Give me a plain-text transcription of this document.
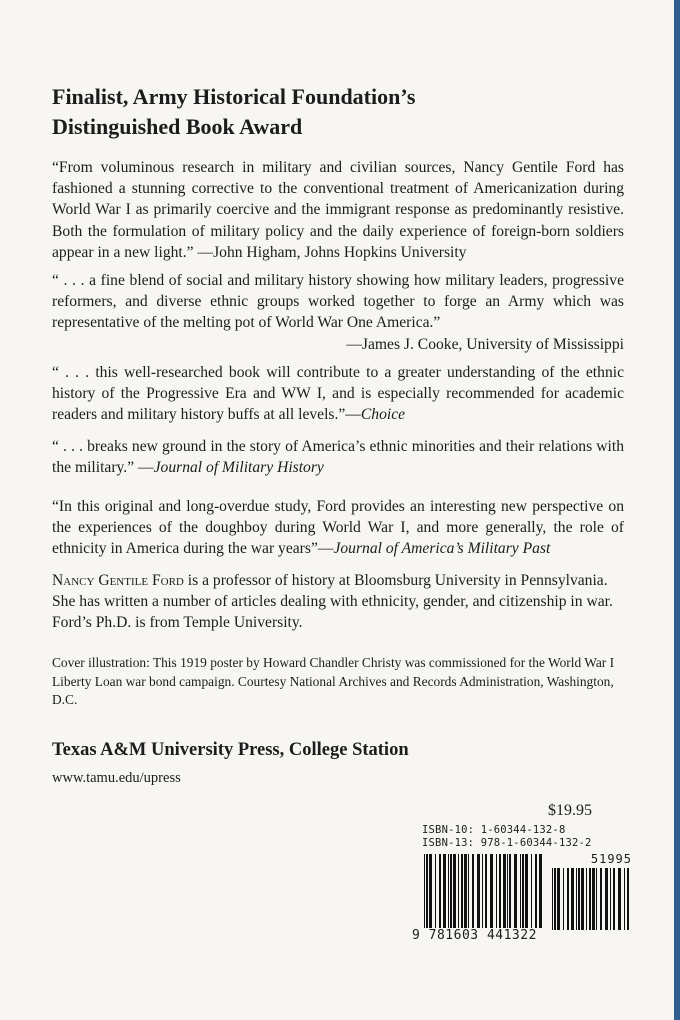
Finalist, Army Historical Foundation’s
Distinguished Book Award

“From voluminous research in military and civilian sources, Nancy Gentile Ford has fashioned a stunning corrective to the conventional treatment of Americanization during World War I as primarily coercive and the immigrant response as predominantly resistive. Both the formulation of military policy and the daily experience of foreign-born soldiers appear in a new light.” —John Higham, Johns Hopkins University

“ . . . a fine blend of social and military history showing how military leaders, progressive reformers, and diverse ethnic groups worked together to forge an Army which was representative of the melting pot of World War One America.”
—James J. Cooke, University of Mississippi

“ . . . this well-researched book will contribute to a greater understanding of the ethnic history of the Progressive Era and WW I, and is especially recommended for academic readers and military history buffs at all levels.”—Choice

“ . . . breaks new ground in the story of America’s ethnic minorities and their relations with the military.” —Journal of Military History

“In this original and long-overdue study, Ford provides an interesting new perspective on the experiences of the doughboy during World War I, and more generally, the role of ethnicity in America during the war years”—Journal of America’s Military Past

Nancy Gentile Ford is a professor of history at Bloomsburg University in Pennsylvania. She has written a number of articles dealing with ethnicity, gender, and citizenship in war. Ford’s Ph.D. is from Temple University.

Cover illustration: This 1919 poster by Howard Chandler Christy was commissioned for the World War I Liberty Loan war bond campaign. Courtesy National Archives and Records Administration, Washington, D.C.

Texas A&M University Press, College Station

www.tamu.edu/upress

$19.95

ISBN-10: 1-60344-132-8
ISBN-13: 978-1-60344-132-2
51995
9 781603 441322
